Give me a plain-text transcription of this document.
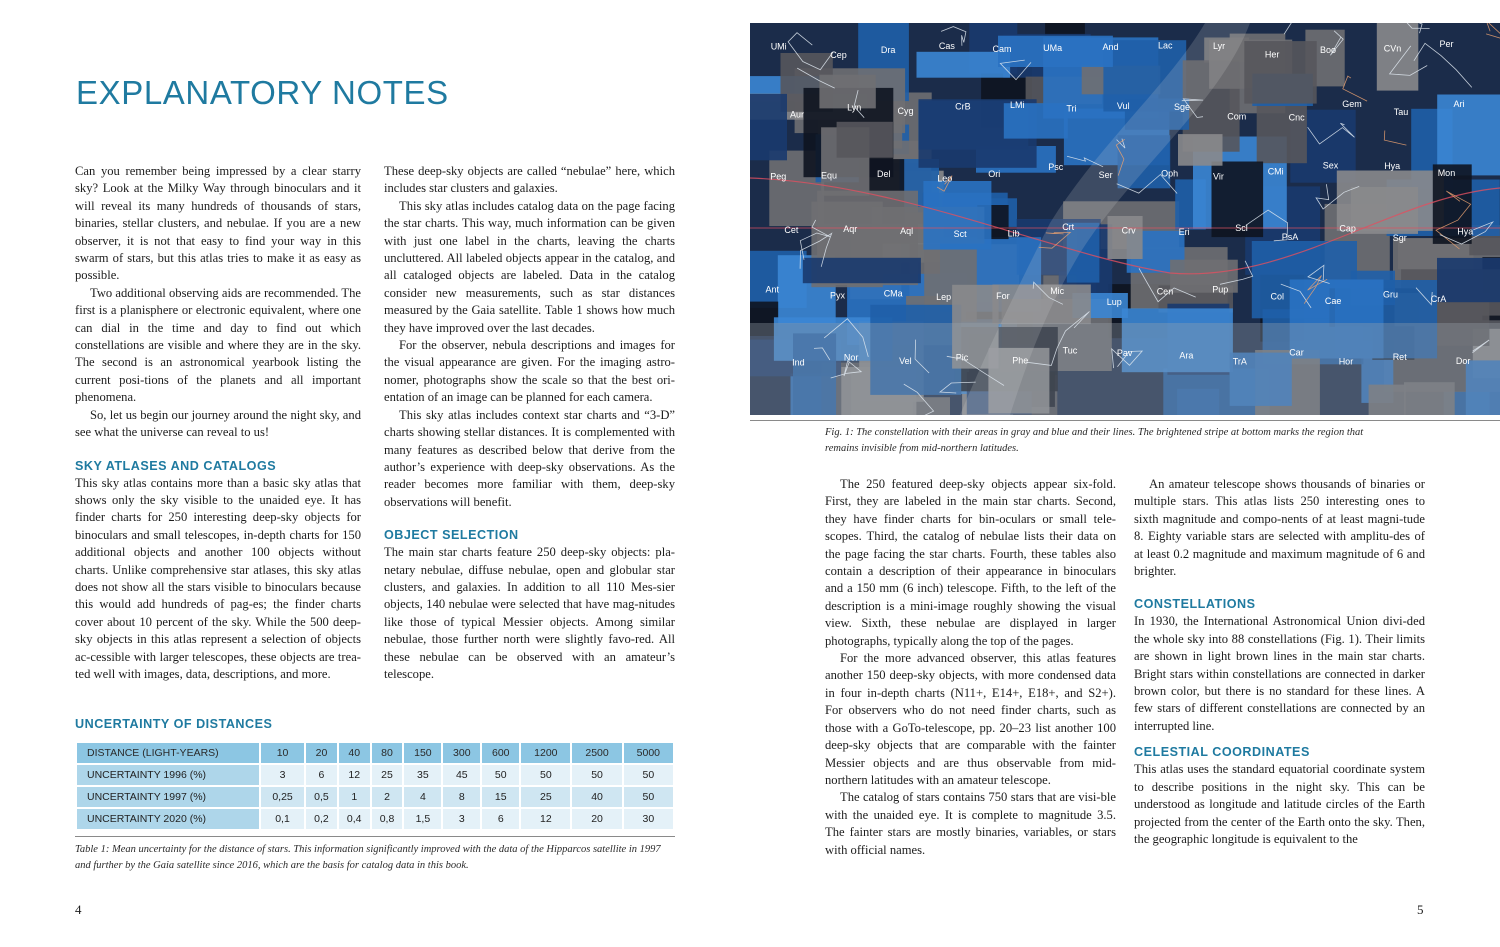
EXPLANATORY NOTES

Can you remember being impressed by a clear starry sky? Look at the Milky Way through binoculars and it will reveal its many hundreds of thousands of stars, binaries, stellar clusters, and nebulae. If you are a new observer, it is not that easy to find your way in this swarm of stars, but this atlas tries to make it as easy as possible.

Two additional observing aids are recommended. The first is a planisphere or electronic equivalent, where one can dial in the time and day to find out which constellations are visible and where they are in the sky. The second is an astronomical yearbook listing the current posi-tions of the planets and all important phenomena.

So, let us begin our journey around the night sky, and see what the universe can reveal to us!

SKY ATLASES AND CATALOGS

This sky atlas contains more than a basic sky atlas that shows only the sky visible to the unaided eye. It has finder charts for 250 interesting deep-sky objects for binoculars and small telescopes, in-depth charts for 150 additional objects and another 100 objects without charts. Unlike comprehensive star atlases, this sky atlas does not show all the stars visible to binoculars because this would add hundreds of pag-es; the finder charts cover about 10 percent of the sky. While the 500 deep-sky objects in this atlas represent a selection of objects ac-cessible with larger telescopes, these objects are trea-ted well with images, data, descriptions, and more.

These deep-sky objects are called “nebulae” here, which includes star clusters and galaxies.

This sky atlas includes catalog data on the page facing the star charts. This way, much information can be given with just one label in the charts, leaving the charts uncluttered. All labeled objects appear in the catalog, and all cataloged objects are labeled. Data in the catalog consider new measurements, such as star distances measured by the Gaia satellite. Table 1 shows how much they have improved over the last decades.

For the observer, nebula descriptions and images for the visual appearance are given. For the imaging astro-nomer, photographs show the scale so that the best ori-entation of an image can be planned for each camera.

This sky atlas includes context star charts and “3-D” charts showing stellar distances. It is complemented with many features as described below that derive from the author’s experience with deep-sky observations. As the reader becomes more familiar with them, deep-sky observations will benefit.

OBJECT SELECTION

The main star charts feature 250 deep-sky objects: pla-netary nebulae, diffuse nebulae, open and globular star clusters, and galaxies. In addition to all 110 Mes-sier objects, 140 nebulae were selected that have mag-nitudes like those of typical Messier objects. Among similar nebulae, those further north were slightly favo-red. All these nebulae can be observed with an amateur’s telescope.

UNCERTAINTY OF DISTANCES
DISTANCE (LIGHT-YEARS)	10	20	40	80	150	300	600	1200	2500	5000
UNCERTAINTY 1996 (%)	3	6	12	25	35	45	50	50	50	50
UNCERTAINTY 1997 (%)	0,25	0,5	1	2	4	8	15	25	40	50
UNCERTAINTY 2020 (%)	0,1	0,2	0,4	0,8	1,5	3	6	12	20	30
Table 1: Mean uncertainty for the distance of stars. This information significantly improved with the data of the Hipparcos satellite in 1997 and further by the Gaia satellite since 2016, which are the basis for catalog data in this book.
4
UMi
Cep	Dra	Cas	Cam	UMa	And	Lac	Lyr
Her	Boo	CVn	Per
Aur
Lyn	Cyg	CrB	LMi	Tri	Vul	Sge
Com	Cnc
Gem
Tau
Ari
Peg	Equ	Del	Leo	Ori
Psc
Ser	Oph	Vir	CMi
Sex	Hya
Mon
Cet	Aqr	Aql	Sct	Lib
Crt	Crv	Eri	Scl
PsA
Cap
Sgr
Hya
Ant
Pyx	CMa	Lep	For	Mic
Lup
Cen	Pup
Col	Cae
Gru	CrA
Ind	Nor	Vel	Pic	Phe
Tuc	Pav	Ara
TrA
Car
Hor	Ret	Dor
Fig. 1: The constellation with their areas in gray and blue and their lines. The brightened stripe at bottom marks the region that remains invisible from mid-northern latitudes.

The 250 featured deep-sky objects appear six-fold. First, they are labeled in the main star charts. Second, they have finder charts for bin-oculars or small tele-scopes. Third, the catalog of nebulae lists their data on the page facing the star charts. Fourth, these tables also contain a description of their appearance in binoculars and a 150 mm (6 inch) telescope. Fifth, to the left of the description is a mini-image roughly showing the visual view. Sixth, these nebulae are displayed in larger photographs, typically along the top of the pages.

For the more advanced observer, this atlas features another 150 deep-sky objects, with more condensed data in four in-depth charts (N11+, E14+, E18+, and S2+). For observers who do not need finder charts, such as those with a GoTo-telescope, pp. 20–23 list another 100 deep-sky objects that are comparable with the fainter Messier objects and are thus observable from mid-northern latitudes with an amateur telescope.

The catalog of stars contains 750 stars that are visi-ble with the unaided eye. It is complete to magnitude 3.5. The fainter stars are mostly binaries, variables, or stars with official names.

An amateur telescope shows thousands of binaries or multiple stars. This atlas lists 250 interesting ones to sixth magnitude and compo-nents of at least magni-tude 8. Eighty variable stars are selected with amplitu-des of at least 0.2 magnitude and maximum magnitude of 6 and brighter.

CONSTELLATIONS

In 1930, the International Astronomical Union divi-ded the whole sky into 88 constellations (Fig. 1). Their limits are shown in light brown lines in the main star charts. Bright stars within constellations are connected in darker brown color, but there is no standard for these lines. A few stars of different constellations are connected by an interrupted line.

CELESTIAL COORDINATES

This atlas uses the standard equatorial coordinate system to describe positions in the night sky. This can be understood as longitude and latitude circles of the Earth projected from the center of the Earth onto the sky. Then, the geographic longitude is equivalent to the

5
